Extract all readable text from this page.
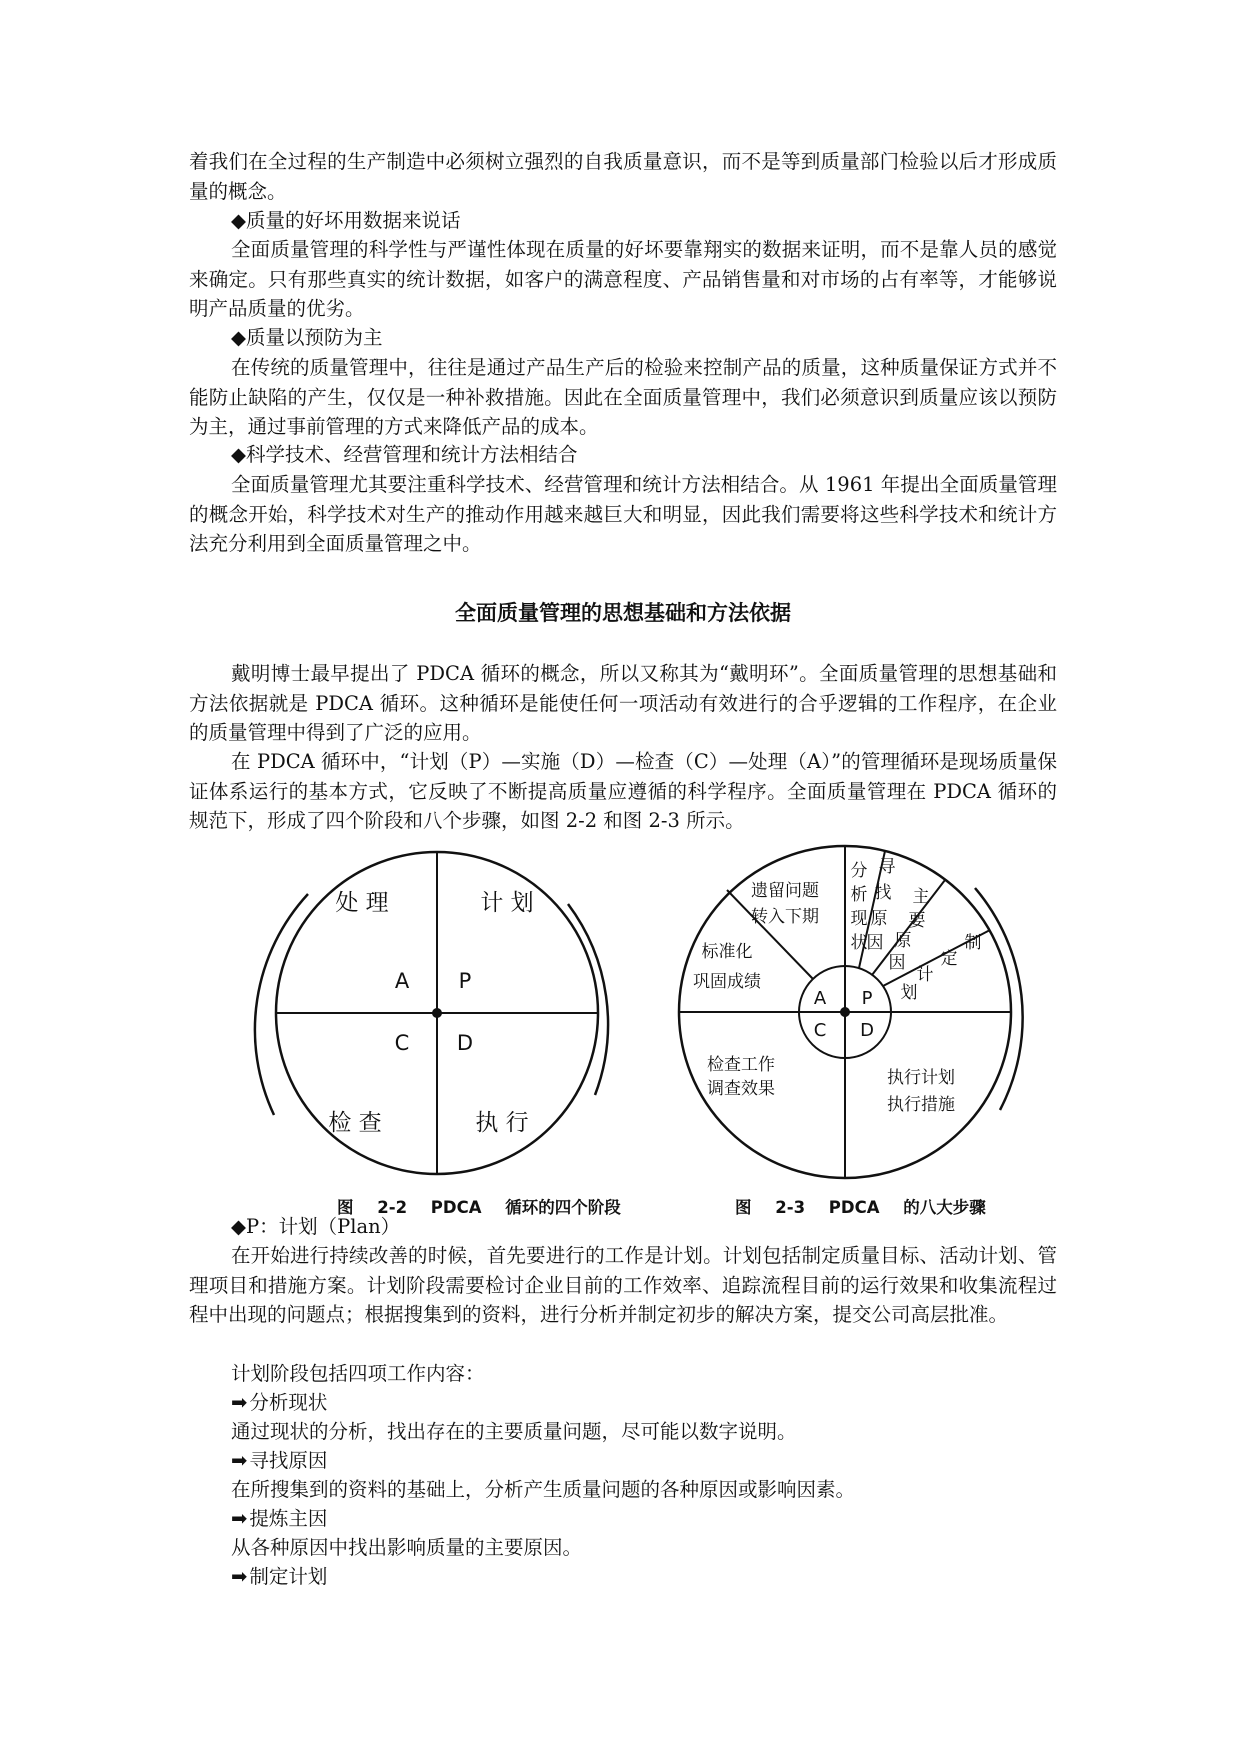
着我们在全过程的生产制造中必须树立强烈的自我质量意识，而不是等到质量部门检验以后才形成质量的概念。

◆质量的好坏用数据来说话

全面质量管理的科学性与严谨性体现在质量的好坏要靠翔实的数据来证明，而不是靠人员的感觉来确定。只有那些真实的统计数据，如客户的满意程度、产品销售量和对市场的占有率等，才能够说明产品质量的优劣。

◆质量以预防为主

在传统的质量管理中，往往是通过产品生产后的检验来控制产品的质量，这种质量保证方式并不能防止缺陷的产生，仅仅是一种补救措施。因此在全面质量管理中，我们必须意识到质量应该以预防为主，通过事前管理的方式来降低产品的成本。

◆科学技术、经营管理和统计方法相结合

全面质量管理尤其要注重科学技术、经营管理和统计方法相结合。从 1961 年提出全面质量管理的概念开始，科学技术对生产的推动作用越来越巨大和明显，因此我们需要将这些科学技术和统计方法充分利用到全面质量管理之中。

全面质量管理的思想基础和方法依据

戴明博士最早提出了 PDCA 循环的概念，所以又称其为“戴明环”。全面质量管理的思想基础和方法依据就是 PDCA 循环。这种循环是能使任何一项活动有效进行的合乎逻辑的工作程序，在企业的质量管理中得到了广泛的应用。

在 PDCA 循环中，“计划（P）—实施（D）—检查（C）—处理（A）”的管理循环是现场质量保证体系运行的基本方式，它反映了不断提高质量应遵循的科学程序。全面质量管理在 PDCA 循环的规范下，形成了四个阶段和八个步骤，如图 2-2 和图 2-3 所示。

处 理	计 划
检 查	执 行
A P
C D
图 2-2 PDCA 循环的四个阶段
A P
C D
遗留问题
转入下期
标准化
巩固成绩
检查工作
调查效果
执行计划
执行措施
分
析
现
状
寻
找
原
因
主
要
原
因
制
定
计
划
图 2-3 PDCA 的八大步骤

◆P：计划（Plan）

在开始进行持续改善的时候，首先要进行的工作是计划。计划包括制定质量目标、活动计划、管理项目和措施方案。计划阶段需要检讨企业目前的工作效率、追踪流程目前的运行效果和收集流程过程中出现的问题点；根据搜集到的资料，进行分析并制定初步的解决方案，提交公司高层批准。

计划阶段包括四项工作内容：

➡ 分析现状

通过现状的分析，找出存在的主要质量问题，尽可能以数字说明。

➡ 寻找原因

在所搜集到的资料的基础上，分析产生质量问题的各种原因或影响因素。

➡ 提炼主因

从各种原因中找出影响质量的主要原因。

➡ 制定计划
